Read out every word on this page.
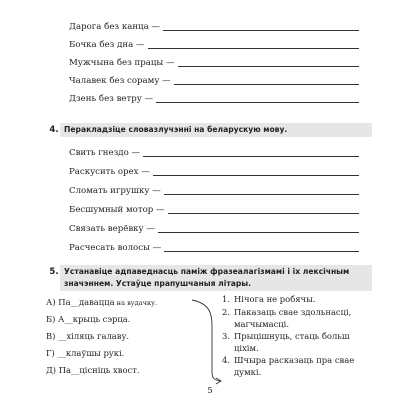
Дарога без канца —
Бочка без дна —
Мужчына без працы —
Чалавек без сораму —
Дзень без ветру —
4. Перакладзіце словазлучэнні на беларускую мову.
Свить гнездо —
Раскусить орех —
Сломать игрушку —
Бесшумный мотор —
Связать верёвку —
Расчесать волосы —
5. Устанавіце адпаведнасць паміж фразеалагізмамі і іх лексічным
значэннем. Устаўце прапушчаныя літары.
А) Па__даваццa на вудачку.
Б) А__крыць сэрца.
В) __хіляць галаву.
Г) __клаўшы рукі.
Д) Па__цісніць хвост.
1. Нічога не робячы.
2. Паказаць свае здольнасці,
магчымасці.
3. Прыцішнуць, стаць больш
ціхім.
4. Шчыра расказаць пра свае
думкі.
5
